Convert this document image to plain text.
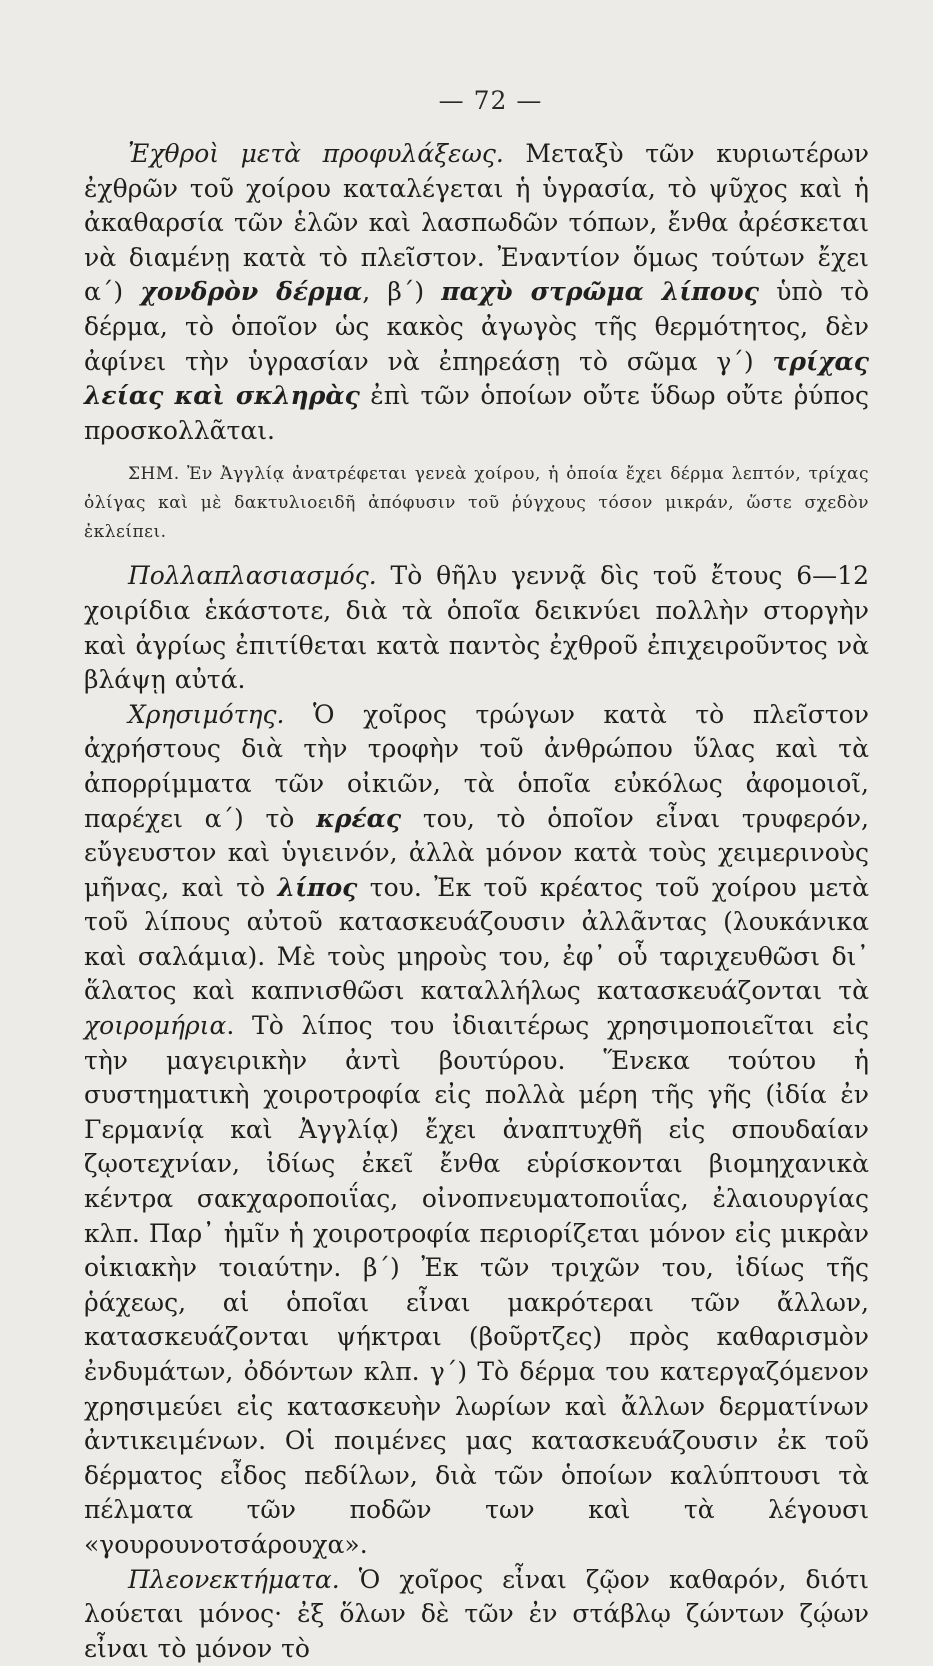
— 72 —

Ἐχθροὶ μετὰ προφυλάξεως. Μεταξὺ τῶν κυριωτέρων ἐχθρῶν τοῦ χοίρου καταλέγεται ἡ ὑγρασία, τὸ ψῦχος καὶ ἡ ἀκαθαρσία τῶν ἑλῶν καὶ λασπωδῶν τόπων, ἔνθα ἀρέσκεται νὰ διαμένῃ κατὰ τὸ πλεῖστον. Ἐναντίον ὅμως τούτων ἔχει α΄) χονδρὸν δέρμα, β΄) παχὺ στρῶμα λίπους ὑπὸ τὸ δέρμα, τὸ ὁποῖον ὡς κακὸς ἀγωγὸς τῆς θερμότητος, δὲν ἀφίνει τὴν ὑγρασίαν νὰ ἐπηρεάσῃ τὸ σῶμα γ΄) τρίχας λείας καὶ σκληρὰς ἐπὶ τῶν ὁποίων οὔτε ὕδωρ οὔτε ῥύπος προσκολλᾶται.

ΣΗΜ. Ἐν Ἀγγλίᾳ ἀνατρέφεται γενεὰ χοίρου, ἡ ὁποία ἔχει δέρμα λεπτόν, τρίχας ὀλίγας καὶ μὲ δακτυλιοειδῆ ἀπόφυσιν τοῦ ῥύγχους τόσον μικράν, ὥστε σχεδὸν ἐκλείπει.

Πολλαπλασιασμός. Τὸ θῆλυ γεννᾷ δὶς τοῦ ἔτους 6—12 χοιρίδια ἑκάστοτε, διὰ τὰ ὁποῖα δεικνύει πολλὴν στοργὴν καὶ ἀγρίως ἐπιτίθεται κατὰ παντὸς ἐχθροῦ ἐπιχειροῦντος νὰ βλάψῃ αὐτά.

Χρησιμότης. Ὁ χοῖρος τρώγων κατὰ τὸ πλεῖστον ἀχρήστους διὰ τὴν τροφὴν τοῦ ἀνθρώπου ὕλας καὶ τὰ ἀπορρίμματα τῶν οἰκιῶν, τὰ ὁποῖα εὐκόλως ἀφομοιοῖ, παρέχει α΄) τὸ κρέας του, τὸ ὁποῖον εἶναι τρυφερόν, εὔγευστον καὶ ὑγιεινόν, ἀλλὰ μόνον κατὰ τοὺς χειμερινοὺς μῆνας, καὶ τὸ λίπος του. Ἐκ τοῦ κρέατος τοῦ χοίρου μετὰ τοῦ λίπους αὐτοῦ κατασκευάζουσιν ἀλλᾶντας (λουκάνικα καὶ σαλάμια). Μὲ τοὺς μηροὺς του, ἐφ᾽ οὗ ταριχευθῶσι δι᾽ ἅλατος καὶ καπνισθῶσι καταλλήλως κατασκευάζονται τὰ χοιρομήρια. Τὸ λίπος του ἰδιαιτέρως χρησιμοποιεῖται εἰς τὴν μαγειρικὴν ἀντὶ βουτύρου. Ἕνεκα τούτου ἡ συστηματικὴ χοιροτροφία εἰς πολλὰ μέρη τῆς γῆς (ἰδία ἐν Γερμανίᾳ καὶ Ἀγγλίᾳ) ἔχει ἀναπτυχθῆ εἰς σπουδαίαν ζῳοτεχνίαν, ἰδίως ἐκεῖ ἔνθα εὑρίσκονται βιομηχανικὰ κέντρα σακχαροποιΐας, οἰνοπνευματοποιΐας, ἐλαιουργίας κλπ. Παρ᾽ ἡμῖν ἡ χοιροτροφία περιορίζεται μόνον εἰς μικρὰν οἰκιακὴν τοιαύτην. β΄) Ἐκ τῶν τριχῶν του, ἰδίως τῆς ῥάχεως, αἱ ὁποῖαι εἶναι μακρότεραι τῶν ἄλλων, κατασκευάζονται ψήκτραι (βοῦρτζες) πρὸς καθαρισμὸν ἐνδυμάτων, ὀδόντων κλπ. γ΄) Τὸ δέρμα του κατεργαζόμενον χρησιμεύει εἰς κατασκευὴν λωρίων καὶ ἄλλων δερματίνων ἀντικειμένων. Οἱ ποιμένες μας κατασκευάζουσιν ἐκ τοῦ δέρματος εἶδος πεδίλων, διὰ τῶν ὁποίων καλύπτουσι τὰ πέλματα τῶν ποδῶν των καὶ τὰ λέγουσι «γουρουνοτσάρουχα».

Πλεονεκτήματα. Ὁ χοῖρος εἶναι ζῷον καθαρόν, διότι λούεται μόνος· ἐξ ὅλων δὲ τῶν ἐν στάβλῳ ζώντων ζῴων εἶναι τὸ μόνον τὸ
